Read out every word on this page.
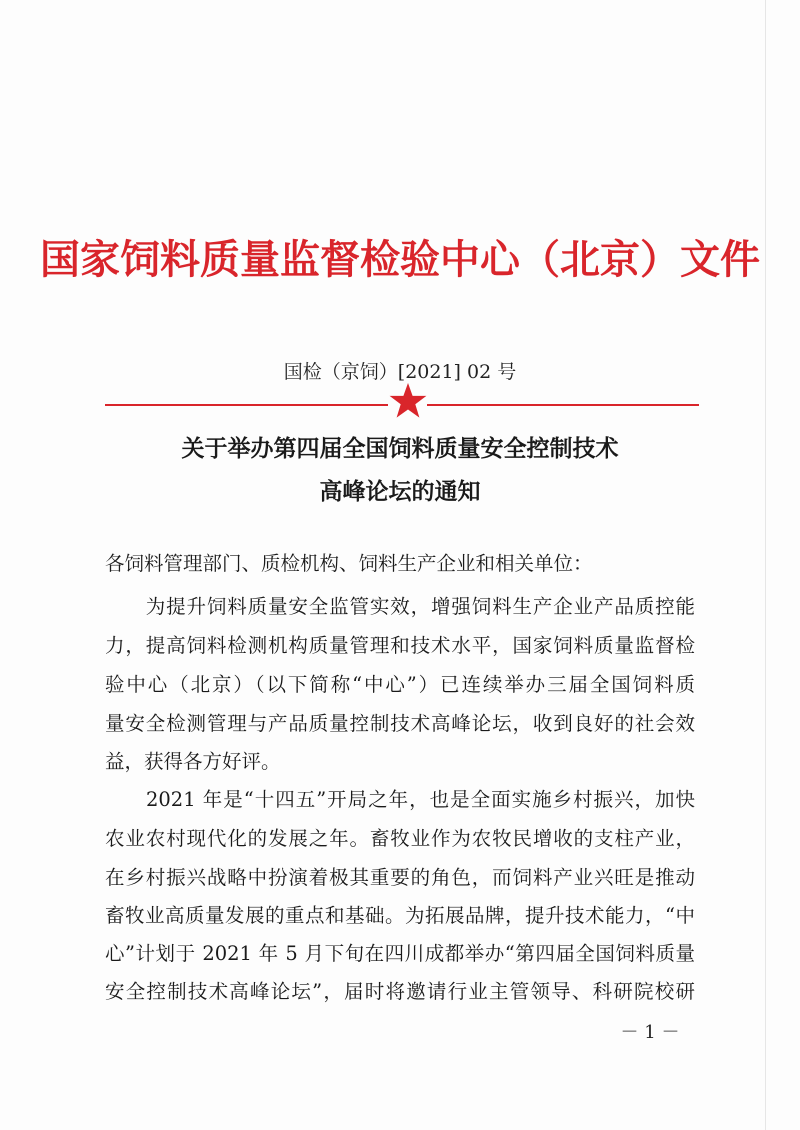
国家饲料质量监督检验中心（北京）文件
国检（京饲）[2021] 02 号
关于举办第四届全国饲料质量安全控制技术
高峰论坛的通知
各饲料管理部门、质检机构、饲料生产企业和相关单位：
　　为提升饲料质量安全监管实效，增强饲料生产企业产品质控能
力，提高饲料检测机构质量管理和技术水平，国家饲料质量监督检
验中心（北京）（以下简称“中心”）已连续举办三届全国饲料质
量安全检测管理与产品质量控制技术高峰论坛，收到良好的社会效
益，获得各方好评。
　　2021 年是“十四五”开局之年，也是全面实施乡村振兴，加快
农业农村现代化的发展之年。畜牧业作为农牧民增收的支柱产业，
在乡村振兴战略中扮演着极其重要的角色，而饲料产业兴旺是推动
畜牧业高质量发展的重点和基础。为拓展品牌，提升技术能力，“中
心”计划于 2021 年 5 月下旬在四川成都举办“第四届全国饲料质量
安全控制技术高峰论坛”，届时将邀请行业主管领导、科研院校研
－ 1 －
